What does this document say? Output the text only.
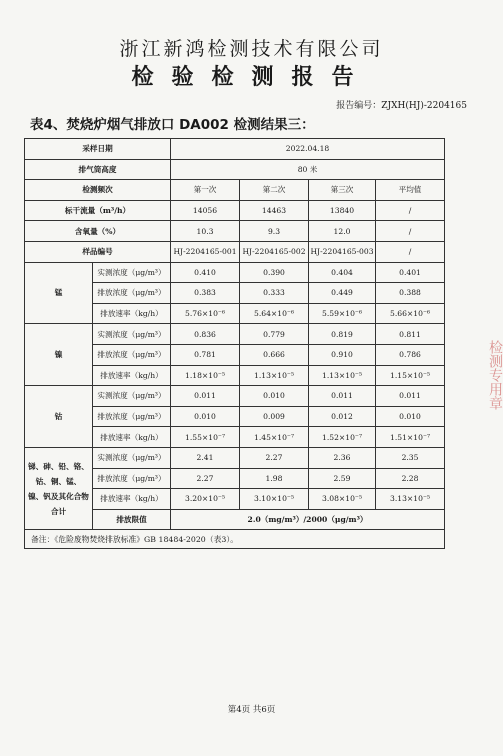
浙江新鸿检测技术有限公司
检验检测报告
报告编号：ZJXH(HJ)-2204165
表4、焚烧炉烟气排放口 DA002 检测结果三：
采样日期		2022.04.18			
排气筒高度		80 米			
检测频次		第一次	第二次	第三次	平均值
标干流量（m³/h）		14056	14463	13840	/
含氧量（%）		10.3	9.3	12.0	/
样品编号		HJ-2204165-001	HJ-2204165-002	HJ-2204165-003	/
锰	实测浓度（μg/m³）	0.410	0.390	0.404	0.401
	排放浓度（μg/m³）	0.383	0.333	0.449	0.388
	排放速率（kg/h）	5.76×10⁻⁶	5.64×10⁻⁶	5.59×10⁻⁶	5.66×10⁻⁶
镍	实测浓度（μg/m³）	0.836	0.779	0.819	0.811
	排放浓度（μg/m³）	0.781	0.666	0.910	0.786
	排放速率（kg/h）	1.18×10⁻⁵	1.13×10⁻⁵	1.13×10⁻⁵	1.15×10⁻⁵
钴	实测浓度（μg/m³）	0.011	0.010	0.011	0.011
	排放浓度（μg/m³）	0.010	0.009	0.012	0.010
	排放速率（kg/h）	1.55×10⁻⁷	1.45×10⁻⁷	1.52×10⁻⁷	1.51×10⁻⁷

锑、砷、铅、铬、
钴、铜、锰、
镍、钒及其化合物
合计	实测浓度（μg/m³）	2.41	2.27	2.36	2.35
	排放浓度（μg/m³）	2.27	1.98	2.59	2.28
	排放速率（kg/h）	3.20×10⁻⁵	3.10×10⁻⁵	3.08×10⁻⁵	3.13×10⁻⁵
	排放限值	2.0（mg/m³）/2000（μg/m³）			
备注：《危险废物焚烧排放标准》GB 18484-2020（表3）。					
检测专用章
第4页 共6页
